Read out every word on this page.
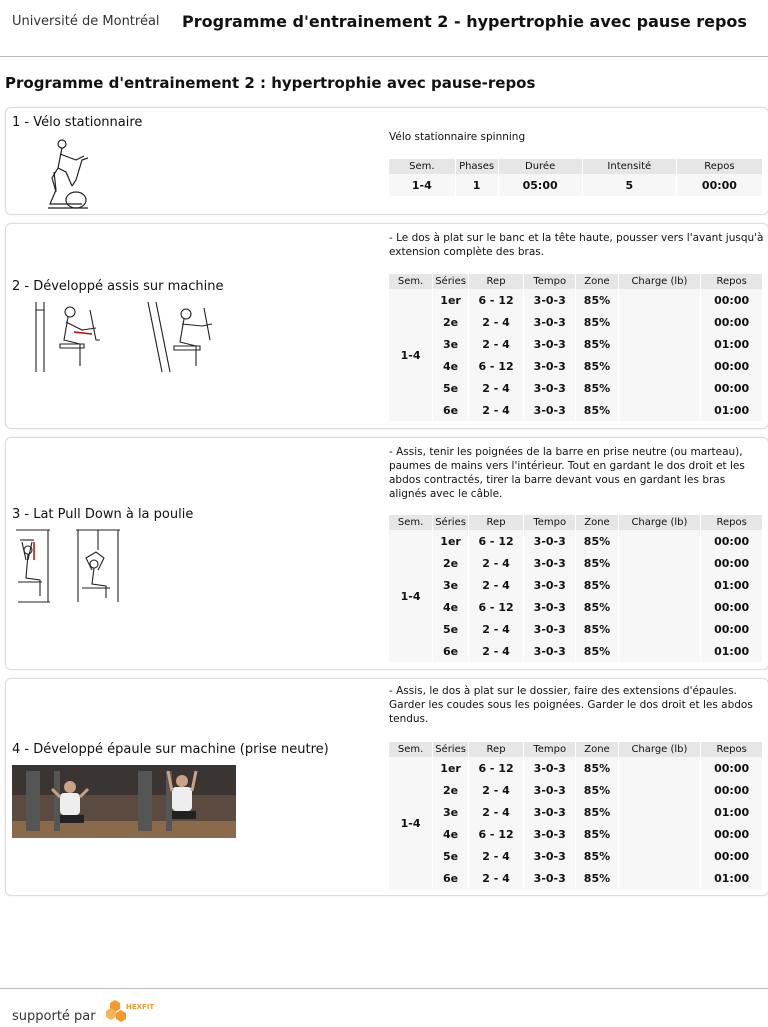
Université de Montréal Programme d'entrainement 2 - hypertrophie avec pause repos
Programme d'entrainement 2 : hypertrophie avec pause-repos
1 - Vélo stationnaire
Vélo stationnaire spinning
Sem.	Phases	Durée	Intensité	Repos
1-4	1	05:00	5	00:00
2 - Développé assis sur machine
- Le dos à plat sur le banc et la tête haute, pousser vers l'avant jusqu'à extension complète des bras.
Sem.	Séries	Rep	Tempo	Zone	Charge (lb)	Repos
1-4	1er	6 - 12	3-0-3	85%		00:00
	2e	2 - 4	3-0-3	85%		00:00
	3e	2 - 4	3-0-3	85%		01:00
	4e	6 - 12	3-0-3	85%		00:00
	5e	2 - 4	3-0-3	85%		00:00
	6e	2 - 4	3-0-3	85%		01:00
3 - Lat Pull Down à la poulie
- Assis, tenir les poignées de la barre en prise neutre (ou marteau), paumes de mains vers l'intérieur. Tout en gardant le dos droit et les abdos contractés, tirer la barre devant vous en gardant les bras alignés avec le câble.
Sem.	Séries	Rep	Tempo	Zone	Charge (lb)	Repos
1-4	1er	6 - 12	3-0-3	85%		00:00
	2e	2 - 4	3-0-3	85%		00:00
	3e	2 - 4	3-0-3	85%		01:00
	4e	6 - 12	3-0-3	85%		00:00
	5e	2 - 4	3-0-3	85%		00:00
	6e	2 - 4	3-0-3	85%		01:00
4 - Développé épaule sur machine (prise neutre)
- Assis, le dos à plat sur le dossier, faire des extensions d'épaules. Garder les coudes sous les poignées. Garder le dos droit et les abdos tendus.
Sem.	Séries	Rep	Tempo	Zone	Charge (lb)	Repos
1-4	1er	6 - 12	3-0-3	85%		00:00
	2e	2 - 4	3-0-3	85%		00:00
	3e	2 - 4	3-0-3	85%		01:00
	4e	6 - 12	3-0-3	85%		00:00
	5e	2 - 4	3-0-3	85%		00:00
	6e	2 - 4	3-0-3	85%		01:00
supporté par
HEXFIT
